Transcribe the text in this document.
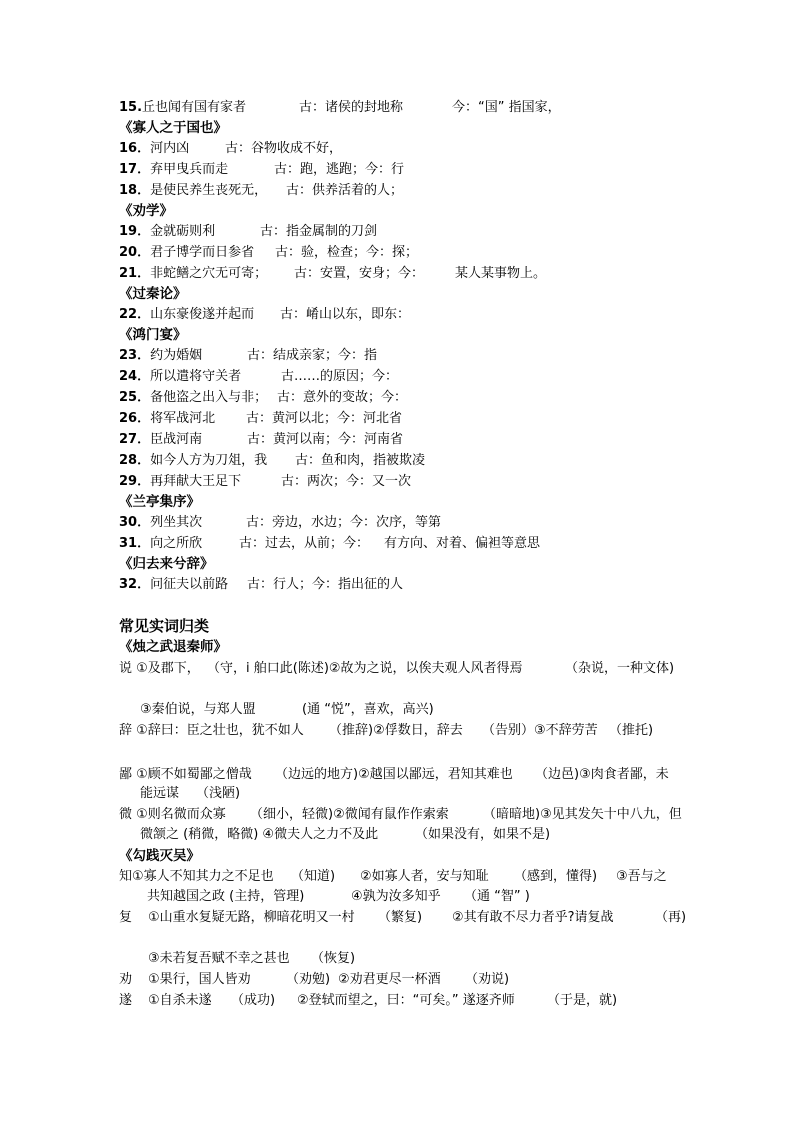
15.丘也闻有国有家者	古：诸侯的封地称	今：“国” 指国家，
《寡人之于国也》
16．河内凶	古：谷物收成不好，
17．弃甲曳兵而走	古：跑，逃跑；今：行
18．是使民养生丧死无， 古：供养活着的人；
《劝学》
19．金就砺则利	古：指金属制的刀剑
20．君子博学而日参省 古：验，检查；今：探；
21．非蛇鳝之穴无可寄； 古：安置，安身；今： 某人某事物上。
《过秦论》
22．山东豪俊遂并起而 古：崤山以东，即东：
《鸿门宴》
23．约为婚姻	古：结成亲家；今：指
24．所以遣将守关者	古……的原因；今：
25．备他盗之出入与非； 古：意外的变故；今：
26．将军战河北 古：黄河以北；今：河北省
27．臣战河南	古：黄河以南；今：河南省
28．如今人方为刀俎，我 古：鱼和肉，指被欺凌
29．再拜献大王足下	古：两次；今：又一次
《兰亭集序》
30．列坐其次	古：旁边，水边；今：次序，等第
31．向之所欣	古：过去，从前；今： 有方向、对着、偏袒等意思
《归去来兮辞》
32．问征夫以前路 古：行人；今：指出征的人
常见实词归类
《烛之武退秦师》
说 ①及郡下， （守，i 舶口此(陈述)②故为之说，以俟夫观人风者得焉	（杂说，一种文体)
③秦伯说，与郑人盟	(通 “悦”，喜欢，高兴)
辞 ①辞曰：臣之壮也，犹不如人 （推辞)②俘数日，辞去 （告别）③不辞劳苦 （推托)
鄙 ①顾不如蜀鄙之僧哉 （边远的地方)②越国以鄙远，君知其难也 （边邑)③肉食者鄙，未
能远谋 （浅陋)
微 ①则名微而众寡 （细小，轻微)②微闻有鼠作作索索	（暗暗地)③见其发矢十中八九，但
微颔之 (稍微，略微) ④微夫人之力不及此	（如果没有，如果不是)
《勾践灭吴》
知①寡人不知其力之不足也 （知道) ②如寡人者，安与知耻 （感到，懂得) ③吾与之
共知越国之政 (主持，管理)	④孰为汝多知乎 （通 “智” )
复 ①山重水复疑无路，柳暗花明又一村 （繁复) ②其有敢不尽力者乎?请复战	（再)
③未若复吾赋不幸之甚也 （恢复)
劝 ①果行，国人皆劝	（劝勉) ②劝君更尽一杯酒 （劝说)
遂 ①自杀未遂 （成功) ②登轼而望之，曰：“可矣。” 遂逐齐师 （于是，就)
